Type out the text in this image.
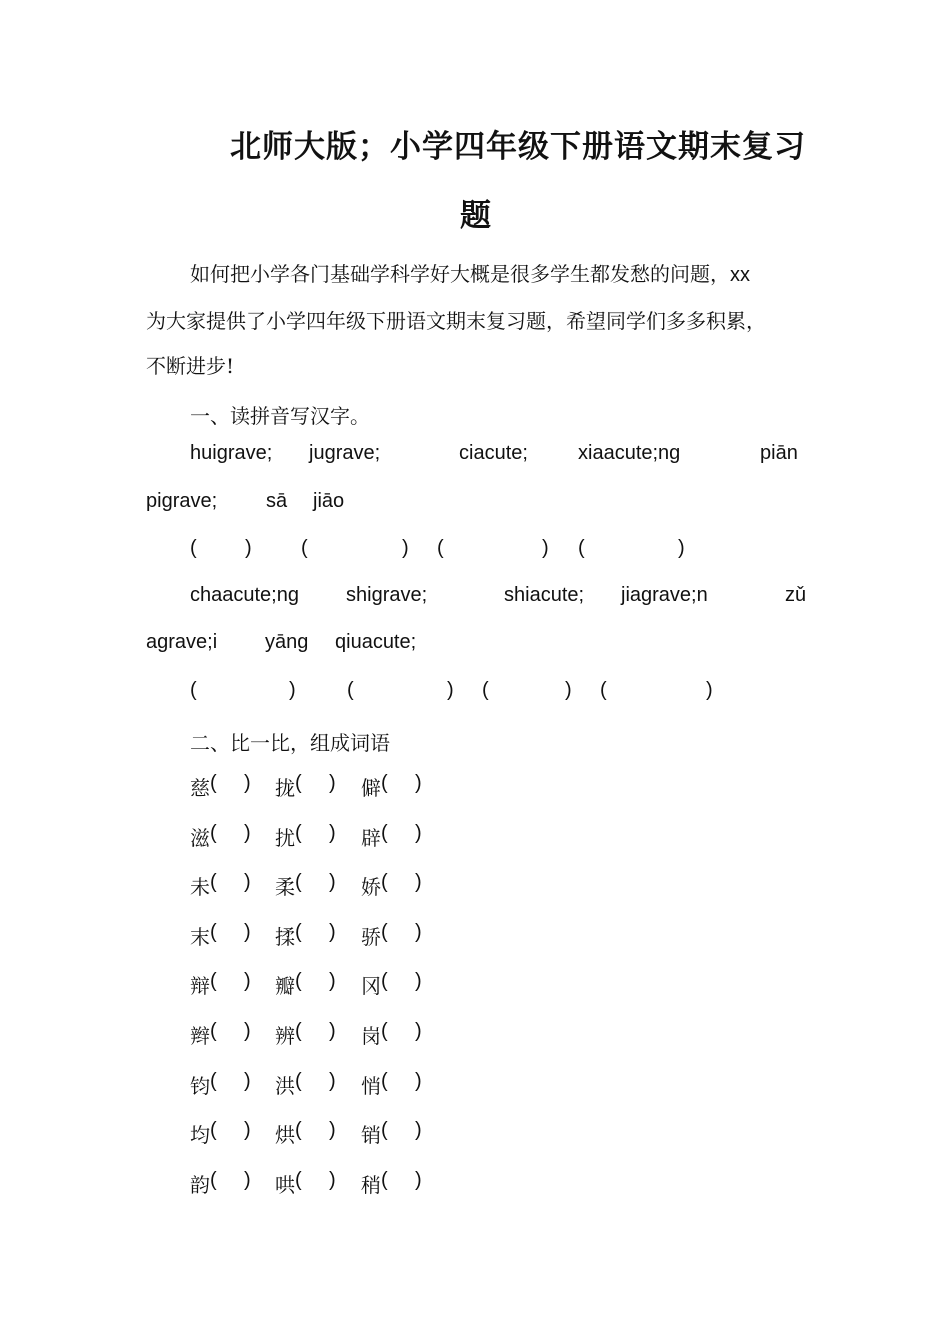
北师大版；小学四年级下册语文期末复习
题
如何把小学各门基础学科学好大概是很多学生都发愁的问题，xx
为大家提供了小学四年级下册语文期末复习题，希望同学们多多积累，
不断进步!
一、读拼音写汉字。
huigrave; jugrave;	ciacute;	xiaacute;ng	piān
pigrave; sā jiāo
( ) (	) (	) (	)
chaacute;ng shigrave;	shiacute; jiagrave;n	zǔ
agrave;i yāng qiuacute;
(	)	(	) (	) (	)
二、比一比，组成词语
慈 ( ) 拢 ( ) 僻 ( )
滋 ( ) 扰 ( ) 辟 ( )
未 ( ) 柔 ( ) 娇 ( )
末 ( ) 揉 ( ) 骄 ( )
辩 ( ) 瓣 ( ) 冈 ( )
辫 ( ) 辨 ( ) 岗 ( )
钧 ( ) 洪 ( ) 悄 ( )
均 ( ) 烘 ( ) 销 ( )
韵 ( ) 哄 ( ) 稍 ( )
